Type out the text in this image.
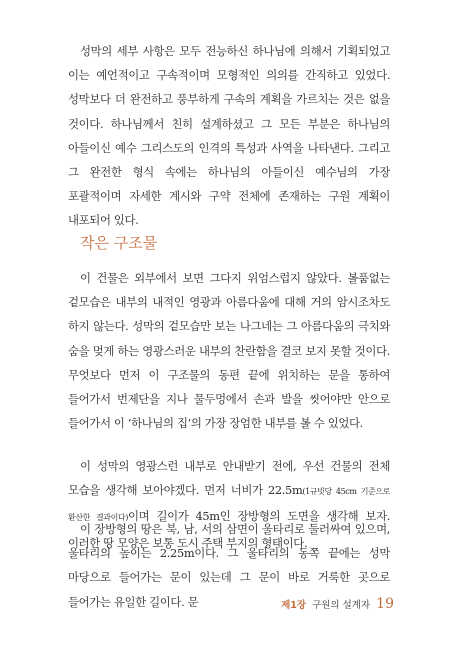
성막의 세부 사항은 모두 전능하신 하나님에 의해서 기획되었고 이는 예언적이고 구속적이며 모형적인 의의를 간직하고 있었다. 성막보다 더 완전하고 풍부하게 구속의 계획을 가르치는 것은 없을 것이다. 하나님께서 친히 설계하셨고 그 모든 부분은 하나님의 아들이신 예수 그리스도의 인격의 특성과 사역을 나타낸다. 그리고 그 완전한 형식 속에는 하나님의 아들이신 예수님의 가장 포괄적이며 자세한 계시와 구약 전체에 존재하는 구원 계획이 내포되어 있다.

작은 구조물

이 건물은 외부에서 보면 그다지 위엄스럽지 않았다. 볼품없는 겉모습은 내부의 내적인 영광과 아름다움에 대해 거의 암시조차도 하지 않는다. 성막의 겉모습만 보는 나그네는 그 아름다움의 극치와 숨을 멎게 하는 영광스러운 내부의 찬란함을 결코 보지 못할 것이다. 무엇보다 먼저 이 구조물의 동편 끝에 위치하는 문을 통하여 들어가서 번제단을 지나 물두멍에서 손과 발을 씻어야만 안으로 들어가서 이 ‘하나님의 집’의 가장 장엄한 내부를 볼 수 있었다.

이 성막의 영광스런 내부로 안내받기 전에, 우선 건물의 전체 모습을 생각해 보아야겠다. 먼저 너비가 22.5m(1규빗당 45cm 기준으로 환산한 결과이다)이며 길이가 45m인 장방형의 도면을 생각해 보자. 이러한 땅 모양은 보통 도시 주택 부지의 형태이다.

이 장방형의 땅은 북, 남, 서의 삼면이 울타리로 둘러싸여 있으며, 울타리의 높이는 2.25m이다. 그 울타리의 동쪽 끝에는 성막 마당으로 들어가는 문이 있는데 그 문이 바로 거룩한 곳으로 들어가는 유일한 길이다. 문	제1장 구원의 설계자 19
